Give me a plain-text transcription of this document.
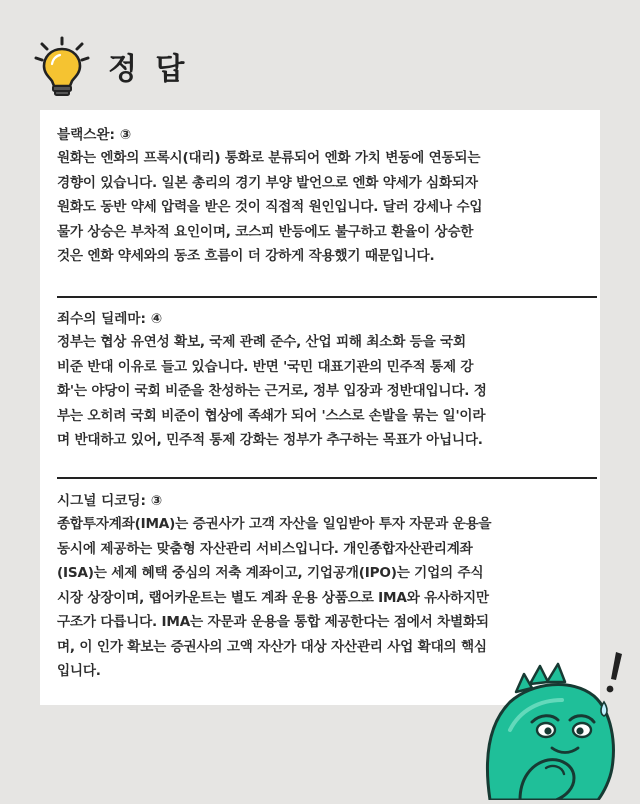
정 답
블랙스완: ③
원화는 엔화의 프록시(대리) 통화로 분류되어 엔화 가치 변동에 연동되는
경향이 있습니다. 일본 총리의 경기 부양 발언으로 엔화 약세가 심화되자
원화도 동반 약세 압력을 받은 것이 직접적 원인입니다. 달러 강세나 수입
물가 상승은 부차적 요인이며, 코스피 반등에도 불구하고 환율이 상승한
것은 엔화 약세와의 동조 흐름이 더 강하게 작용했기 때문입니다.
죄수의 딜레마: ④
정부는 협상 유연성 확보, 국제 관례 준수, 산업 피해 최소화 등을 국회
비준 반대 이유로 들고 있습니다. 반면 '국민 대표기관의 민주적 통제 강
화'는 야당이 국회 비준을 찬성하는 근거로, 정부 입장과 정반대입니다. 정
부는 오히려 국회 비준이 협상에 족쇄가 되어 '스스로 손발을 묶는 일'이라
며 반대하고 있어, 민주적 통제 강화는 정부가 추구하는 목표가 아닙니다.
시그널 디코딩: ③
종합투자계좌(IMA)는 증권사가 고객 자산을 일임받아 투자 자문과 운용을
동시에 제공하는 맞춤형 자산관리 서비스입니다. 개인종합자산관리계좌
(ISA)는 세제 혜택 중심의 저축 계좌이고, 기업공개(IPO)는 기업의 주식
시장 상장이며, 랩어카운트는 별도 계좌 운용 상품으로 IMA와 유사하지만
구조가 다릅니다. IMA는 자문과 운용을 통합 제공한다는 점에서 차별화되
며, 이 인가 확보는 증권사의 고액 자산가 대상 자산관리 사업 확대의 핵심
입니다.
